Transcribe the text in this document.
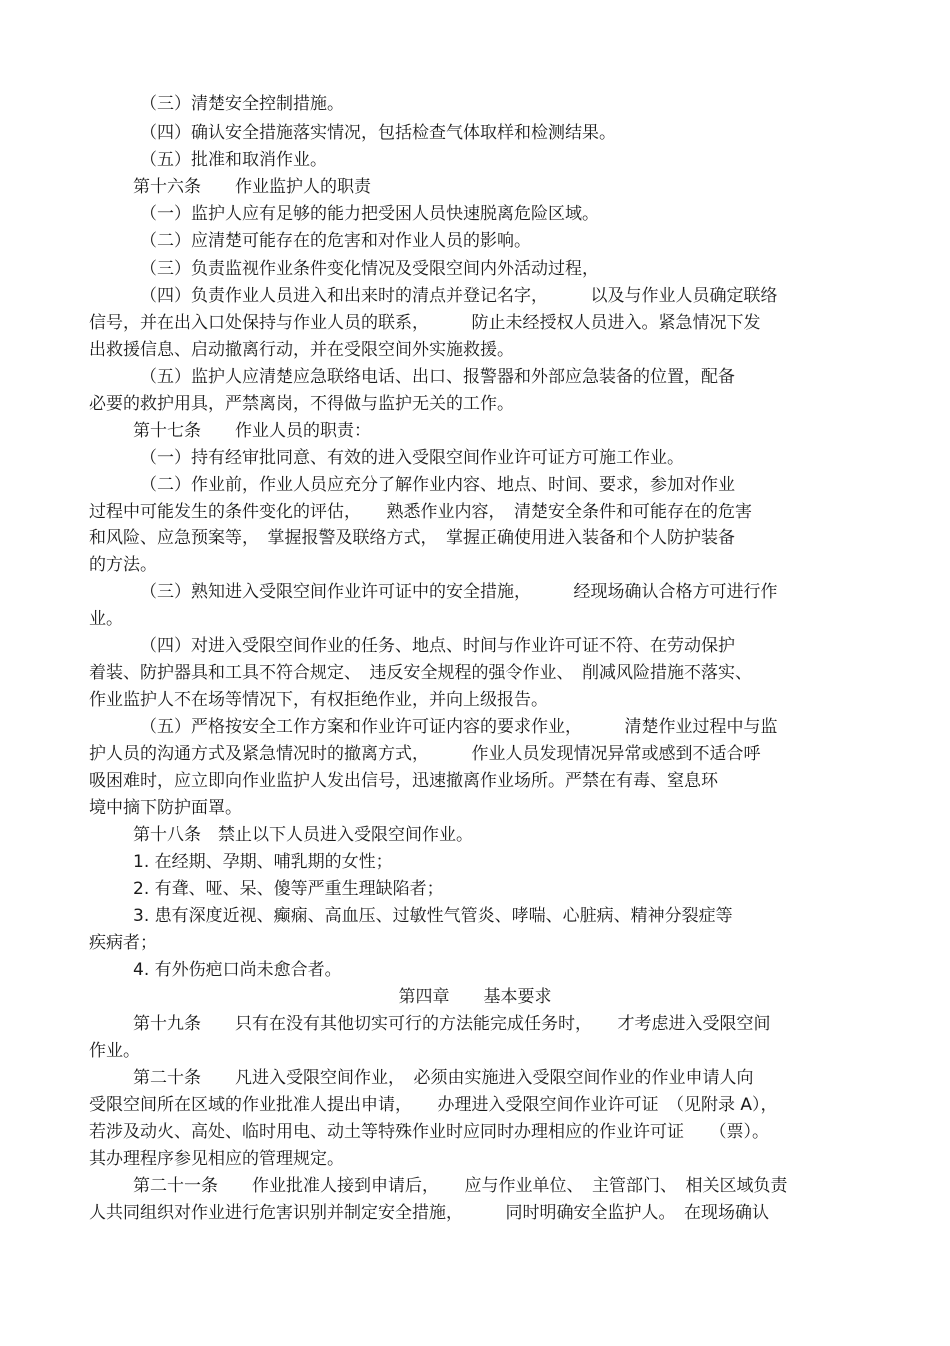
（三）清楚安全控制措施。
（四）确认安全措施落实情况，包括检查气体取样和检测结果。
（五）批准和取消作业。
第十六条　　作业监护人的职责
（一）监护人应有足够的能力把受困人员快速脱离危险区域。
（二）应清楚可能存在的危害和对作业人员的影响。
（三）负责监视作业条件变化情况及受限空间内外活动过程，
（四）负责作业人员进入和出来时的清点并登记名字，　　　以及与作业人员确定联络
信号，并在出入口处保持与作业人员的联系，　　　防止未经授权人员进入。紧急情况下发
出救援信息、启动撤离行动，并在受限空间外实施救援。
（五）监护人应清楚应急联络电话、出口、报警器和外部应急装备的位置，配备
必要的救护用具，严禁离岗，不得做与监护无关的工作。
第十七条　　作业人员的职责：
（一）持有经审批同意、有效的进入受限空间作业许可证方可施工作业。
（二）作业前，作业人员应充分了解作业内容、地点、时间、要求，参加对作业
过程中可能发生的条件变化的评估，　　熟悉作业内容，　清楚安全条件和可能存在的危害
和风险、应急预案等，　掌握报警及联络方式，　掌握正确使用进入装备和个人防护装备
的方法。
（三）熟知进入受限空间作业许可证中的安全措施，　　　经现场确认合格方可进行作
业。
（四）对进入受限空间作业的任务、地点、时间与作业许可证不符、在劳动保护
着装、防护器具和工具不符合规定、　违反安全规程的强令作业、　削减风险措施不落实、
作业监护人不在场等情况下，有权拒绝作业，并向上级报告。
（五）严格按安全工作方案和作业许可证内容的要求作业，　　　清楚作业过程中与监
护人员的沟通方式及紧急情况时的撤离方式，　　　作业人员发现情况异常或感到不适合呼
吸困难时，应立即向作业监护人发出信号，迅速撤离作业场所。严禁在有毒、窒息环
境中摘下防护面罩。
第十八条　禁止以下人员进入受限空间作业。
1. 在经期、孕期、哺乳期的女性；
2. 有聋、哑、呆、傻等严重生理缺陷者；
3. 患有深度近视、癫痫、高血压、过敏性气管炎、哮喘、心脏病、精神分裂症等
疾病者；
4. 有外伤疤口尚未愈合者。
第四章　　基本要求
第十九条　　只有在没有其他切实可行的方法能完成任务时，　　才考虑进入受限空间
作业。
第二十条　　凡进入受限空间作业，　必须由实施进入受限空间作业的作业申请人向
受限空间所在区域的作业批准人提出申请，　　办理进入受限空间作业许可证　（见附录 A），
若涉及动火、高处、临时用电、动土等特殊作业时应同时办理相应的作业许可证　　（票）。
其办理程序参见相应的管理规定。
第二十一条　　作业批准人接到申请后，　　应与作业单位、　主管部门、　相关区域负责
人共同组织对作业进行危害识别并制定安全措施，　　　同时明确安全监护人。　在现场确认
